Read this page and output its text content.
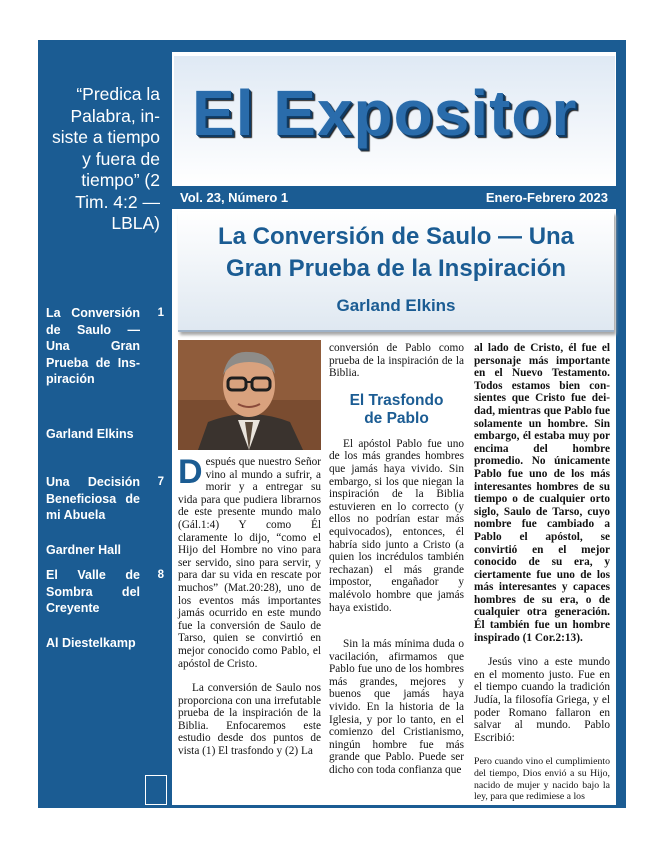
“Predica la Palabra, insiste a tiempo y fuera de tiempo” (2 Tim. 4:2 —LBLA)
La Conversión de Saulo — Una Gran Prueba de Inspiración
1
Garland Elkins
Una Decisión Beneficiosa de mi Abuela
7
Gardner Hall
El Valle de Sombra del Creyente
8
Al Diestelkamp
El Expositor
Vol. 23, Número 1	Enero-Febrero 2023
La Conversión de Saulo — Una
Gran Prueba de la Inspiración
Garland Elkins

Después que nuestro Señor vino al mundo a sufrir, a morir y a entregar su vida para que pudiera librarnos de este presente mundo malo (Gál.1:4) Y como Él claramente lo dijo, “como el Hijo del Hombre no vino para ser servido, sino para servir, y para dar su vida en rescate por muchos” (Mat.20:28), uno de los eventos más importantes jamás ocurrido en este mundo fue la conversión de Saulo de Tarso, quien se convirtió en mejor conocido como Pablo, el apóstol de Cristo.

La conversión de Saulo nos proporciona con una irrefutable prueba de la inspiración de la Biblia. Enfocaremos este estudio desde dos puntos de vista (1) El trasfondo y (2) La

conversión de Pablo como prueba de la inspiración de la Biblia.

El Trasfondo
de Pablo

El apóstol Pablo fue uno de los más grandes hombres que jamás haya vivido. Sin embargo, si los que niegan la inspiración de la Biblia estuvieren en lo correcto (y ellos no podrían estar más equivocados), entonces, él habría sido junto a Cristo (a quien los incrédulos también rechazan) el más grande impostor, engañador y malévolo hombre que jamás haya existido.

Sin la más mínima duda o vacilación, afirmamos que Pablo fue uno de los hombres más grandes, mejores y buenos que jamás haya vivido. En la historia de la Iglesia, y por lo tanto, en el comienzo del Cristianismo, ningún hombre fue más grande que Pablo. Puede ser dicho con toda confianza que

al lado de Cristo, él fue el personaje más importante en el Nuevo Testamento. Todos estamos bien consientes que Cristo fue deidad, mientras que Pablo fue solamente un hombre. Sin embargo, él estaba muy por encima del hombre promedio. No únicamente Pablo fue uno de los más interesantes hombres de su tiempo o de cualquier orto siglo, Saulo de Tarso, cuyo nombre fue cambiado a Pablo el apóstol, se convirtió en el mejor conocido de su era, y ciertamente fue uno de los más interesantes y capaces hombres de su era, o de cualquier otra generación. Él también fue un hombre inspirado (1 Cor.2:13).

Jesús vino a este mundo en el momento justo. Fue en el tiempo cuando la tradición Judía, la filosofía Griega, y el poder Romano fallaron en salvar al mundo. Pablo Escribió:

Pero cuando vino el cumplimiento del tiempo, Dios envió a su Hijo, nacido de mujer y nacido bajo la ley, para que redimiese a los
